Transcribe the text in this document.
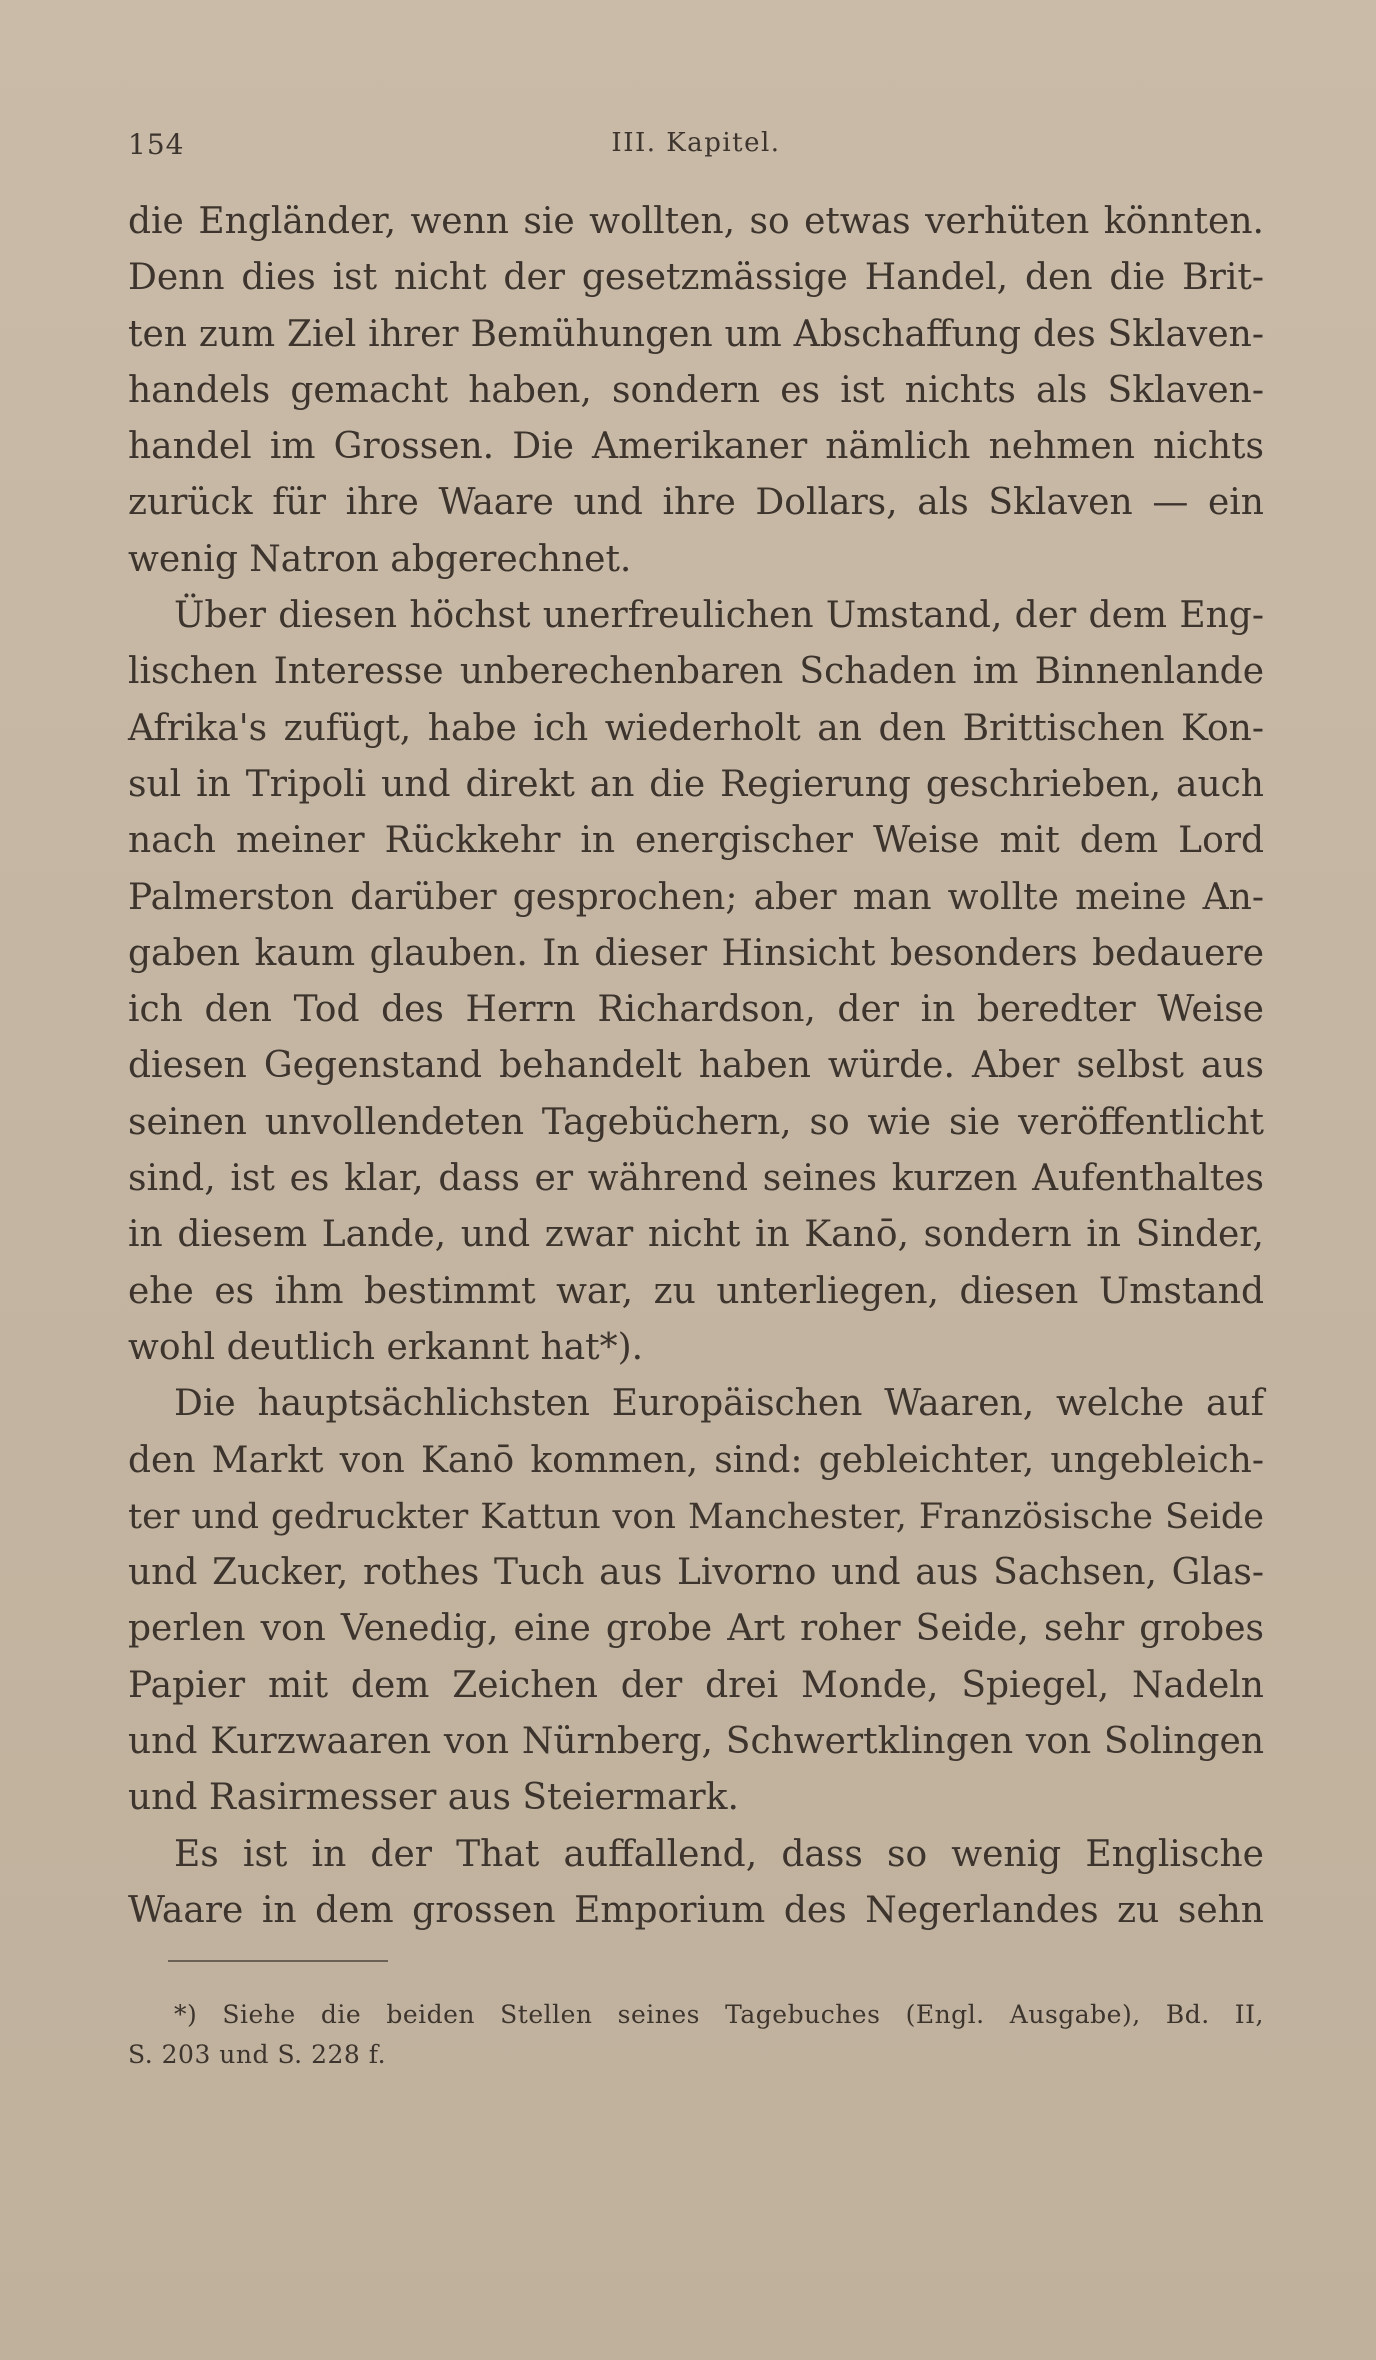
154	III. Kapitel.
die Engländer, wenn sie wollten, so etwas verhüten könnten.
Denn dies ist nicht der gesetzmässige Handel, den die Brit-
ten zum Ziel ihrer Bemühungen um Abschaffung des Sklaven-
handels gemacht haben, sondern es ist nichts als Sklaven-
handel im Grossen. Die Amerikaner nämlich nehmen nichts
zurück für ihre Waare und ihre Dollars, als Sklaven — ein
wenig Natron abgerechnet.
Über diesen höchst unerfreulichen Umstand, der dem Eng-
lischen Interesse unberechenbaren Schaden im Binnenlande
Afrika's zufügt, habe ich wiederholt an den Brittischen Kon-
sul in Tripoli und direkt an die Regierung geschrieben, auch
nach meiner Rückkehr in energischer Weise mit dem Lord
Palmerston darüber gesprochen; aber man wollte meine An-
gaben kaum glauben. In dieser Hinsicht besonders bedauere
ich den Tod des Herrn Richardson, der in beredter Weise
diesen Gegenstand behandelt haben würde. Aber selbst aus
seinen unvollendeten Tagebüchern, so wie sie veröffentlicht
sind, ist es klar, dass er während seines kurzen Aufenthaltes
in diesem Lande, und zwar nicht in Kanō, sondern in Sinder,
ehe es ihm bestimmt war, zu unterliegen, diesen Umstand
wohl deutlich erkannt hat*).
Die hauptsächlichsten Europäischen Waaren, welche auf
den Markt von Kanō kommen, sind: gebleichter, ungebleich-
ter und gedruckter Kattun von Manchester, Französische Seide
und Zucker, rothes Tuch aus Livorno und aus Sachsen, Glas-
perlen von Venedig, eine grobe Art roher Seide, sehr grobes
Papier mit dem Zeichen der drei Monde, Spiegel, Nadeln
und Kurzwaaren von Nürnberg, Schwertklingen von Solingen
und Rasirmesser aus Steiermark.
Es ist in der That auffallend, dass so wenig Englische
Waare in dem grossen Emporium des Negerlandes zu sehn
*) Siehe die beiden Stellen seines Tagebuches (Engl. Ausgabe), Bd. II,
S. 203 und S. 228 f.
